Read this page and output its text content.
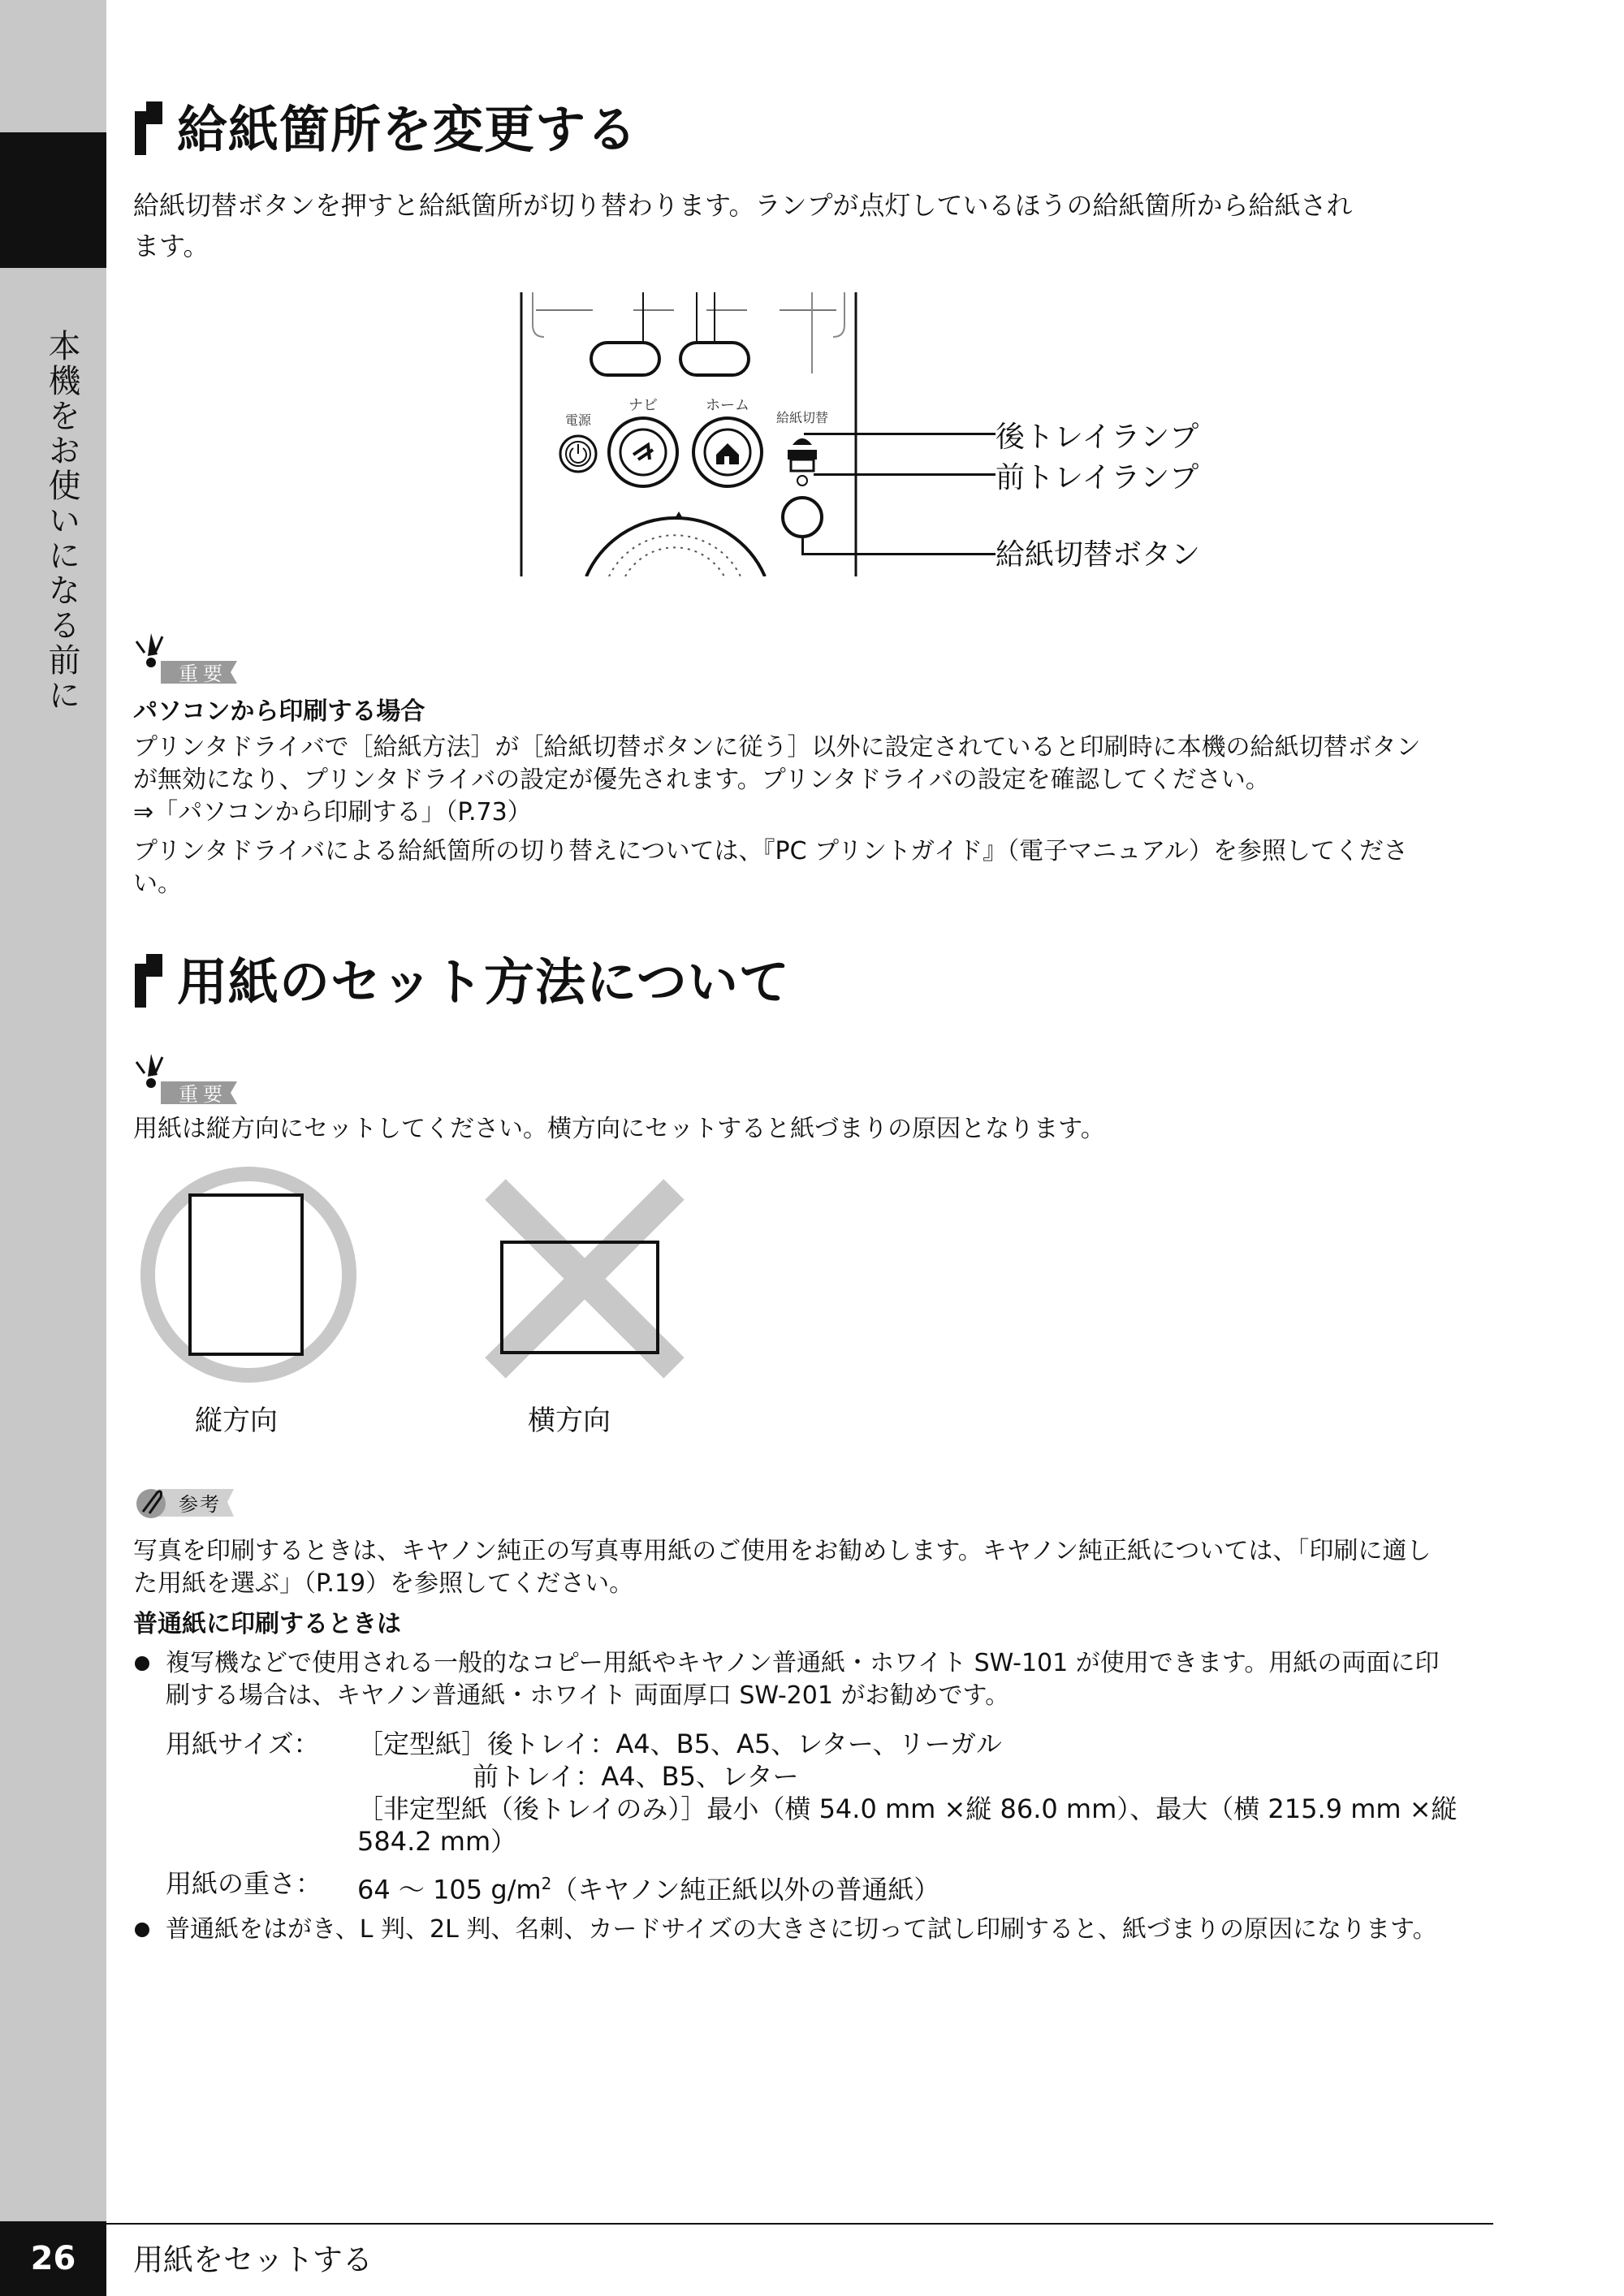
本機をお使いになる前に
給紙箇所を変更する
給紙切替ボタンを押すと給紙箇所が切り替わります。ランプが点灯しているほうの給紙箇所から給紙され
ます。
ナビ	ホーム
電源	給紙切替
後トレイランプ
前トレイランプ
給紙切替ボタン
重要
パソコンから印刷する場合
プリンタドライバで［給紙方法］が［給紙切替ボタンに従う］以外に設定されていると印刷時に本機の給紙切替ボタン
が無効になり、プリンタドライバの設定が優先されます。プリンタドライバの設定を確認してください。
⇒「パソコンから印刷する」（P.73）
プリンタドライバによる給紙箇所の切り替えについては、『PC プリントガイド』（電子マニュアル）を参照してくださ
い。
用紙のセット方法について
重要
用紙は縦方向にセットしてください。横方向にセットすると紙づまりの原因となります。
縦方向	横方向
参考
写真を印刷するときは、キヤノン純正の写真専用紙のご使用をお勧めします。キヤノン純正紙については、「印刷に適し
た用紙を選ぶ」（P.19）を参照してください。
普通紙に印刷するときは
複写機などで使用される一般的なコピー用紙やキヤノン普通紙・ホワイト SW-101 が使用できます。用紙の両面に印
刷する場合は、キヤノン普通紙・ホワイト 両面厚口 SW-201 がお勧めです。
用紙サイズ： ［定型紙］後トレイ：A4、B5、A5、レター、リーガル
前トレイ：A4、B5、レター
［非定型紙（後トレイのみ）］最小（横 54.0 mm ×縦 86.0 mm）、最大（横 215.9 mm ×縦
584.2 mm）
用紙の重さ： 64 ～ 105 $g/m^2$（キヤノン純正紙以外の普通紙）
普通紙をはがき、L 判、2L 判、名刺、カードサイズの大きさに切って試し印刷すると、紙づまりの原因になります。
26	用紙をセットする
